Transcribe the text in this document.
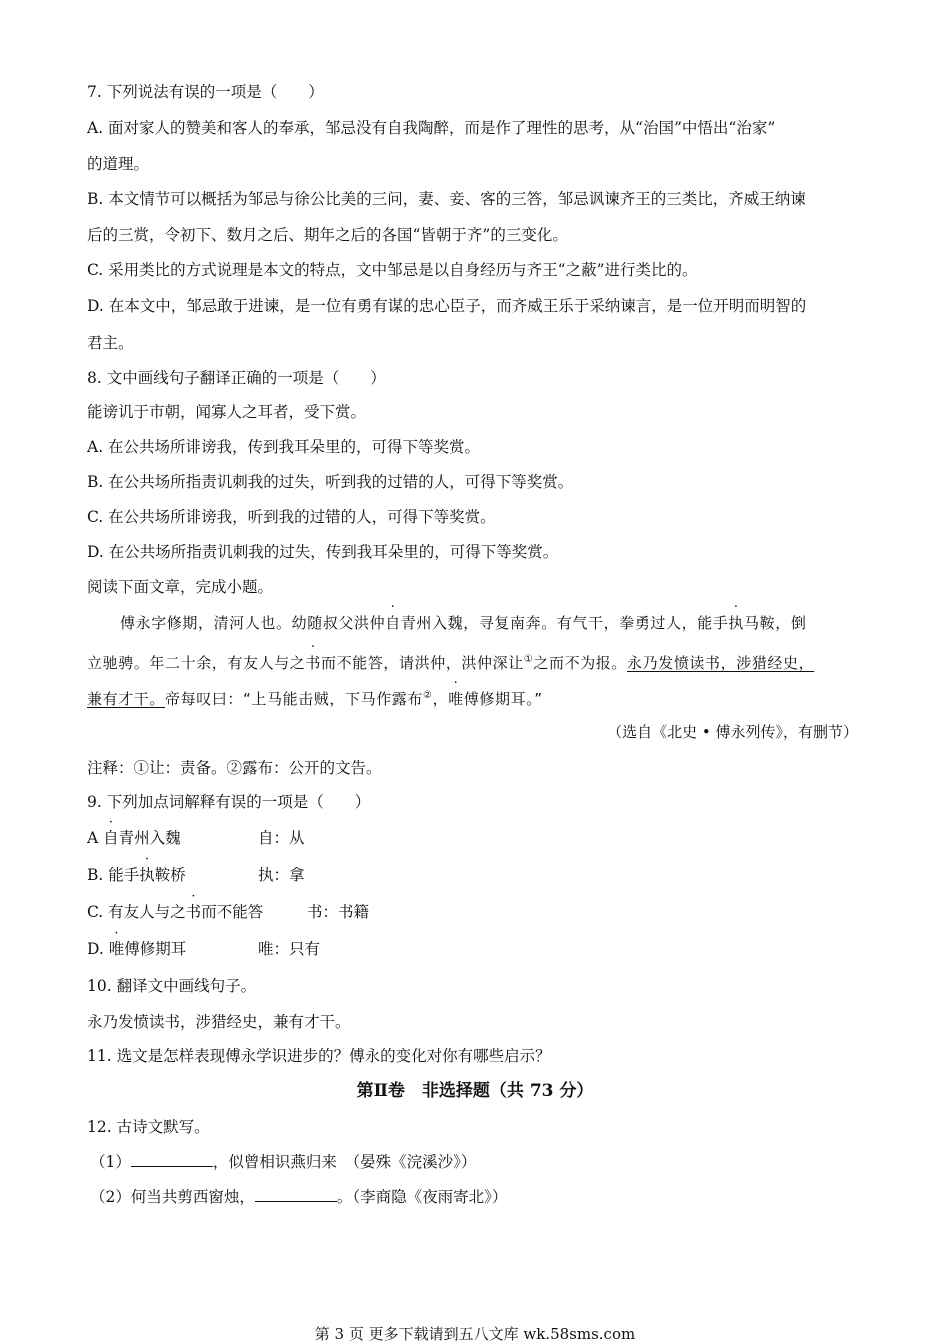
7. 下列说法有误的一项是（　　）
A. 面对家人的赞美和客人的奉承，邹忌没有自我陶醉，而是作了理性的思考，从“治国”中悟出“治家”
的道理。
B. 本文情节可以概括为邹忌与徐公比美的三问，妻、妾、客的三答，邹忌讽谏齐王的三类比，齐威王纳谏
后的三赏，令初下、数月之后、期年之后的各国“皆朝于齐”的三变化。
C. 采用类比的方式说理是本文的特点，文中邹忌是以自身经历与齐王“之蔽”进行类比的。
D. 在本文中，邹忌敢于进谏，是一位有勇有谋的忠心臣子，而齐威王乐于采纳谏言，是一位开明而明智的
君主。
8. 文中画线句子翻译正确的一项是（　　）
能谤讥于市朝，闻寡人之耳者，受下赏。
A. 在公共场所诽谤我，传到我耳朵里的，可得下等奖赏。
B. 在公共场所指责讥刺我的过失，听到我的过错的人，可得下等奖赏。
C. 在公共场所诽谤我，听到我的过错的人，可得下等奖赏。
D. 在公共场所指责讥刺我的过失，传到我耳朵里的，可得下等奖赏。
阅读下面文章，完成小题。
傅永字修期，清河人也。幼随叔父洪仲自青州入魏，寻复南奔。有气干，拳勇过人，能手执马鞍，倒
立驰骋。年二十余，有友人与之书而不能答，请洪仲，洪仲深让①之而不为报。永乃发愤读书，涉猎经史，
兼有才干。帝每叹曰：“上马能击贼，下马作露布②，唯傅修期耳。”
（选自《北史 • 傅永列传》，有删节）
注释：①让：责备。②露布：公开的文告。
9. 下列加点词解释有误的一项是（　　）
A 自青州入魏	自：从
B. 能手执鞍桥	执：拿
C. 有友人与之书而不能答	书：书籍
D. 唯傅修期耳	唯：只有
10. 翻译文中画线句子。
永乃发愤读书，涉猎经史，兼有才干。
11. 选文是怎样表现傅永学识进步的？傅永的变化对你有哪些启示？
第Ⅱ卷　非选择题（共 73 分）
12. 古诗文默写。
（1）	，似曾相识燕归来　（晏殊《浣溪沙》）
（2）何当共剪西窗烛，	。（李商隐《夜雨寄北》）
第 3 页 更多下载请到五八文库 wk.58sms.com
